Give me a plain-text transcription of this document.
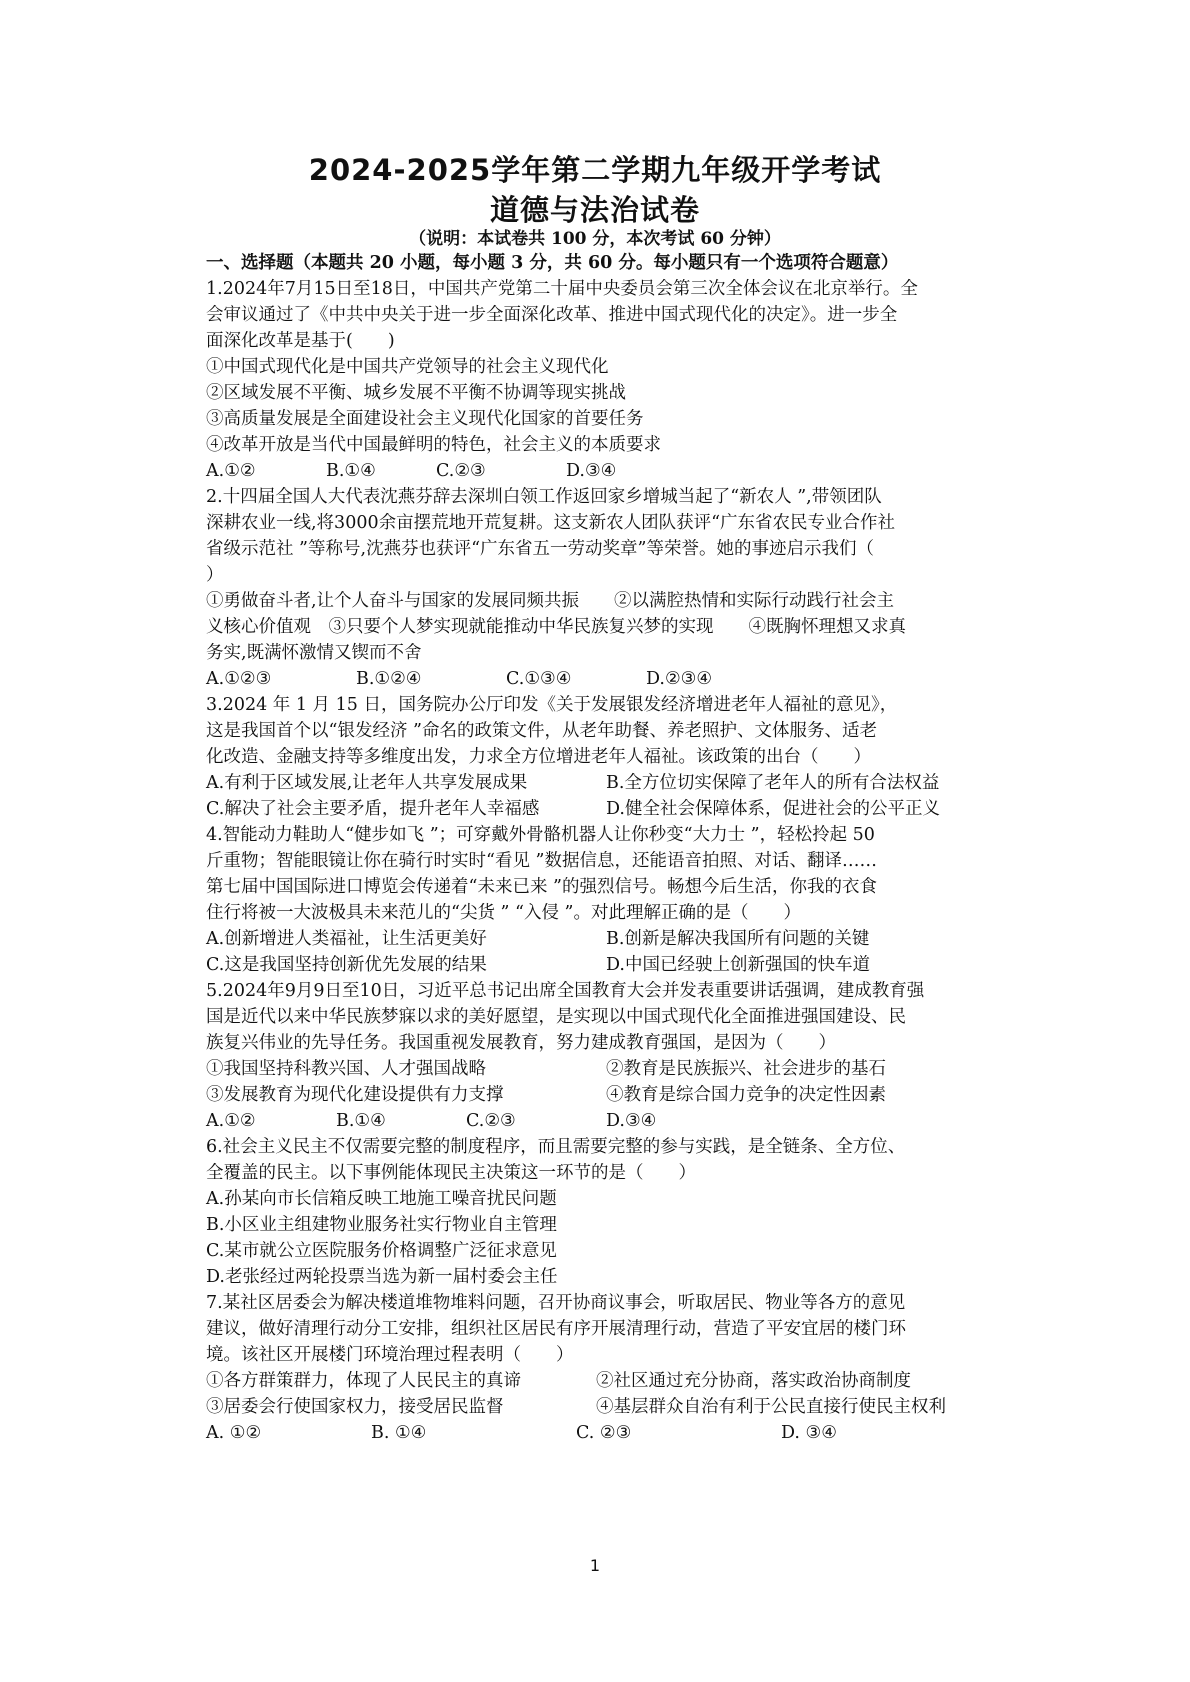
2024-2025学年第二学期九年级开学考试
道德与法治试卷
（说明：本试卷共 100 分，本次考试 60 分钟）
一、选择题（本题共 20 小题，每小题 3 分，共 60 分。每小题只有一个选项符合题意）

1.2024年7月15日至18日，中国共产党第二十届中央委员会第三次全体会议在北京举行。全

会审议通过了《中共中央关于进一步全面深化改革、推进中国式现代化的决定》。进一步全

面深化改革是基于(　　)

①中国式现代化是中国共产党领导的社会主义现代化

②区域发展不平衡、城乡发展不平衡不协调等现实挑战

③高质量发展是全面建设社会主义现代化国家的首要任务

④改革开放是当代中国最鲜明的特色，社会主义的本质要求

A.①②	B.①④	C.②③	D.③④

2.十四届全国人大代表沈燕芬辞去深圳白领工作返回家乡增城当起了“新农人 ”,带领团队

深耕农业一线,将3000余亩摆荒地开荒复耕。这支新农人团队获评“广东省农民专业合作社

省级示范社 ”等称号,沈燕芬也获评“广东省五一劳动奖章”等荣誉。她的事迹启示我们（

）

①勇做奋斗者,让个人奋斗与国家的发展同频共振　　②以满腔热情和实际行动践行社会主

义核心价值观　③只要个人梦实现就能推动中华民族复兴梦的实现　　④既胸怀理想又求真

务实,既满怀激情又锲而不舍

A.①②③	B.①②④	C.①③④	D.②③④

3.2024 年 1 月 15 日，国务院办公厅印发《关于发展银发经济增进老年人福祉的意见》，

这是我国首个以“银发经济 ”命名的政策文件，从老年助餐、养老照护、文体服务、适老

化改造、金融支持等多维度出发，力求全方位增进老年人福祉。该政策的出台（　　）

A.有利于区域发展,让老年人共享发展成果	B.全方位切实保障了老年人的所有合法权益
C.解决了社会主要矛盾，提升老年人幸福感	D.健全社会保障体系，促进社会的公平正义

4.智能动力鞋助人“健步如飞 ”；可穿戴外骨骼机器人让你秒变“大力士 ”，轻松拎起 50

斤重物；智能眼镜让你在骑行时实时“看见 ”数据信息，还能语音拍照、对话、翻译……

第七届中国国际进口博览会传递着“未来已来 ”的强烈信号。畅想今后生活，你我的衣食

住行将被一大波极具未来范儿的“尖货 ” “入侵 ”。对此理解正确的是（　　）

A.创新增进人类福祉，让生活更美好	B.创新是解决我国所有问题的关键
C.这是我国坚持创新优先发展的结果	D.中国已经驶上创新强国的快车道

5.2024年9月9日至10日，习近平总书记出席全国教育大会并发表重要讲话强调，建成教育强

国是近代以来中华民族梦寐以求的美好愿望，是实现以中国式现代化全面推进强国建设、民

族复兴伟业的先导任务。我国重视发展教育，努力建成教育强国，是因为（　　）

①我国坚持科教兴国、人才强国战略	②教育是民族振兴、社会进步的基石
③发展教育为现代化建设提供有力支撑	④教育是综合国力竞争的决定性因素
A.①②	B.①④	C.②③	D.③④

6.社会主义民主不仅需要完整的制度程序，而且需要完整的参与实践，是全链条、全方位、

全覆盖的民主。以下事例能体现民主决策这一环节的是（　　）

A.孙某向市长信箱反映工地施工噪音扰民问题

B.小区业主组建物业服务社实行物业自主管理

C.某市就公立医院服务价格调整广泛征求意见

D.老张经过两轮投票当选为新一届村委会主任

7.某社区居委会为解决楼道堆物堆料问题，召开协商议事会，听取居民、物业等各方的意见

建议，做好清理行动分工安排，组织社区居民有序开展清理行动，营造了平安宜居的楼门环

境。该社区开展楼门环境治理过程表明（　　）

①各方群策群力，体现了人民民主的真谛	②社区通过充分协商，落实政治协商制度
③居委会行使国家权力，接受居民监督	④基层群众自治有利于公民直接行使民主权利
A. ①②	B. ①④	C. ②③	D. ③④
1
